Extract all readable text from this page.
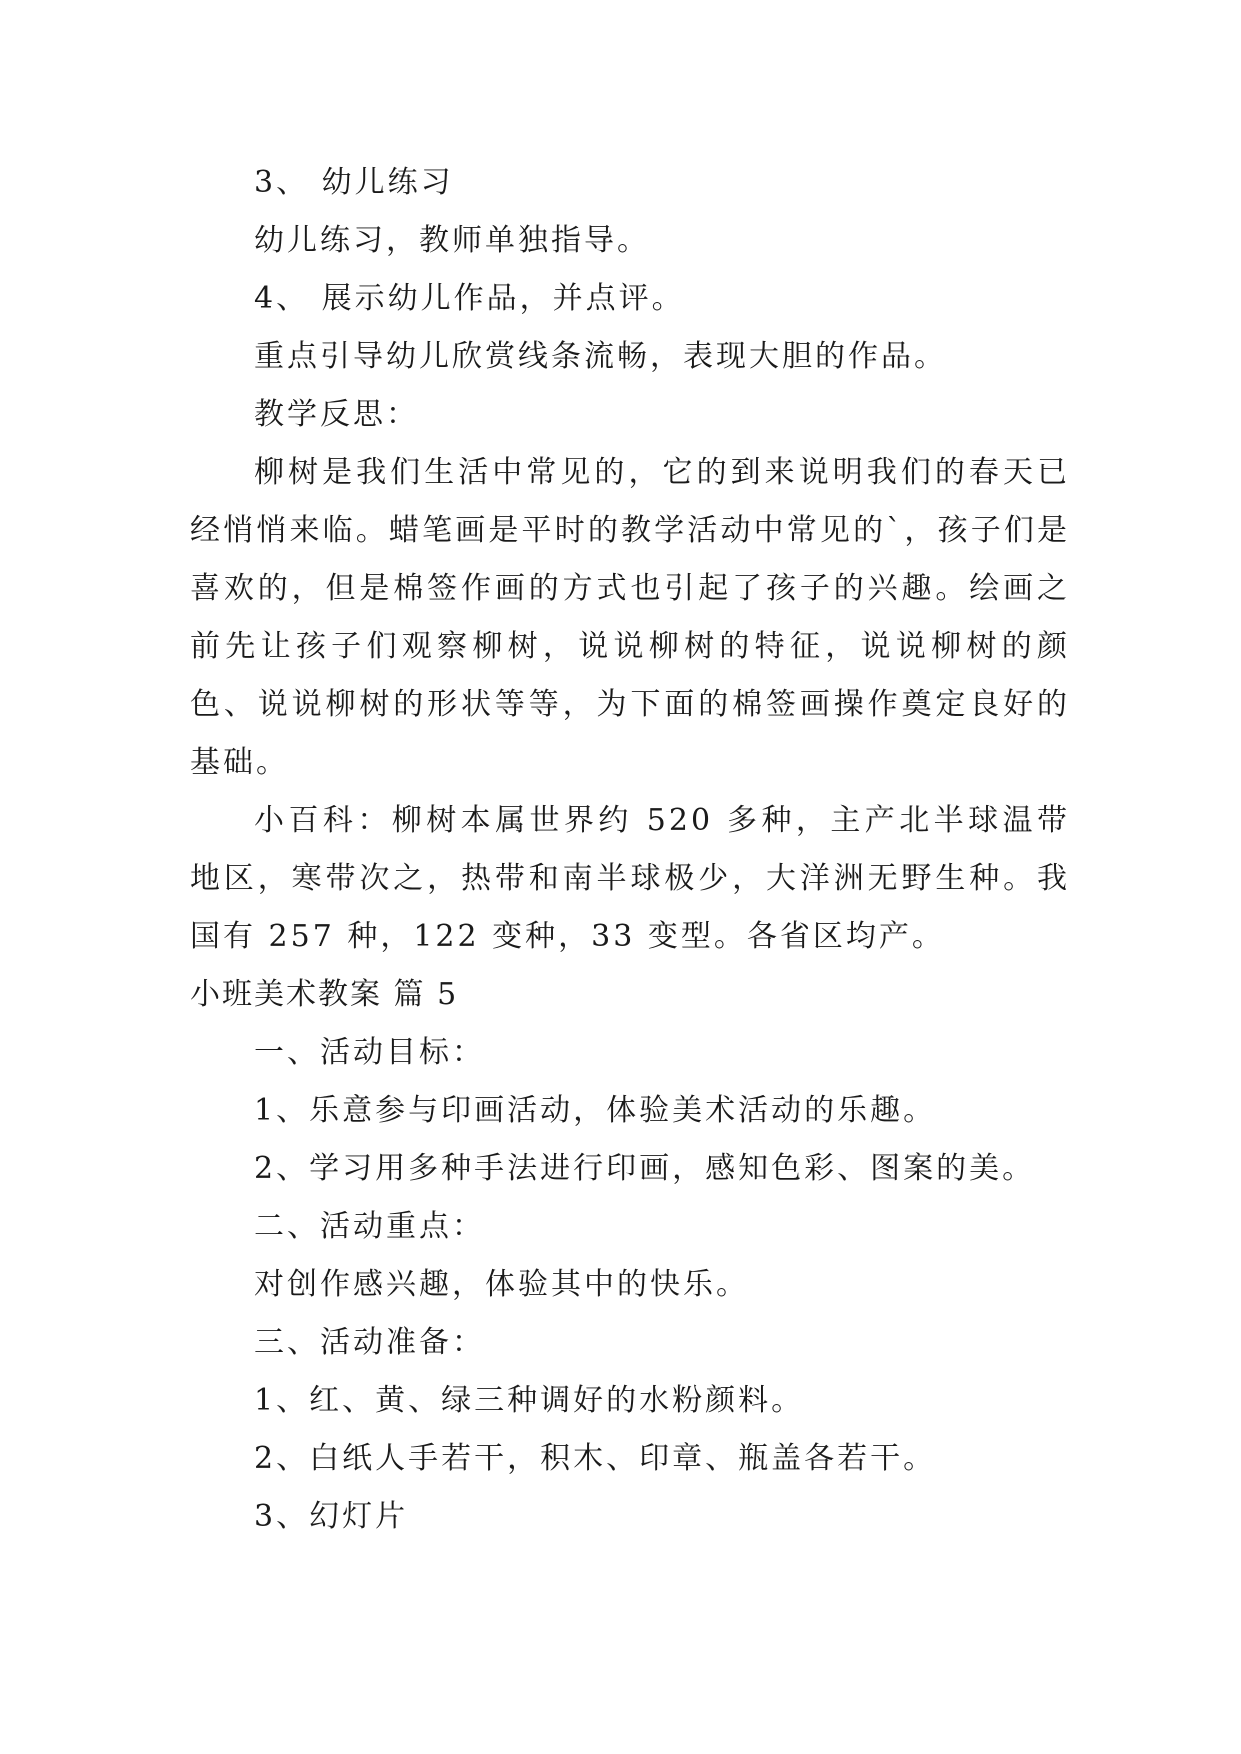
3、 幼儿练习
幼儿练习，教师单独指导。
4、 展示幼儿作品，并点评。
重点引导幼儿欣赏线条流畅，表现大胆的作品。
教学反思：
柳树是我们生活中常见的，它的到来说明我们的春天已经悄悄来临。蜡笔画是平时的教学活动中常见的`，孩子们是喜欢的，但是棉签作画的方式也引起了孩子的兴趣。绘画之前先让孩子们观察柳树，说说柳树的特征，说说柳树的颜色、说说柳树的形状等等，为下面的棉签画操作奠定良好的基础。
小百科：柳树本属世界约 520 多种，主产北半球温带地区，寒带次之，热带和南半球极少，大洋洲无野生种。我国有 257 种，122 变种，33 变型。各省区均产。
小班美术教案 篇 5
一、活动目标：
1、乐意参与印画活动，体验美术活动的乐趣。
2、学习用多种手法进行印画，感知色彩、图案的美。
二、活动重点：
对创作感兴趣，体验其中的快乐。
三、活动准备：
1、红、黄、绿三种调好的水粉颜料。
2、白纸人手若干，积木、印章、瓶盖各若干。
3、幻灯片
